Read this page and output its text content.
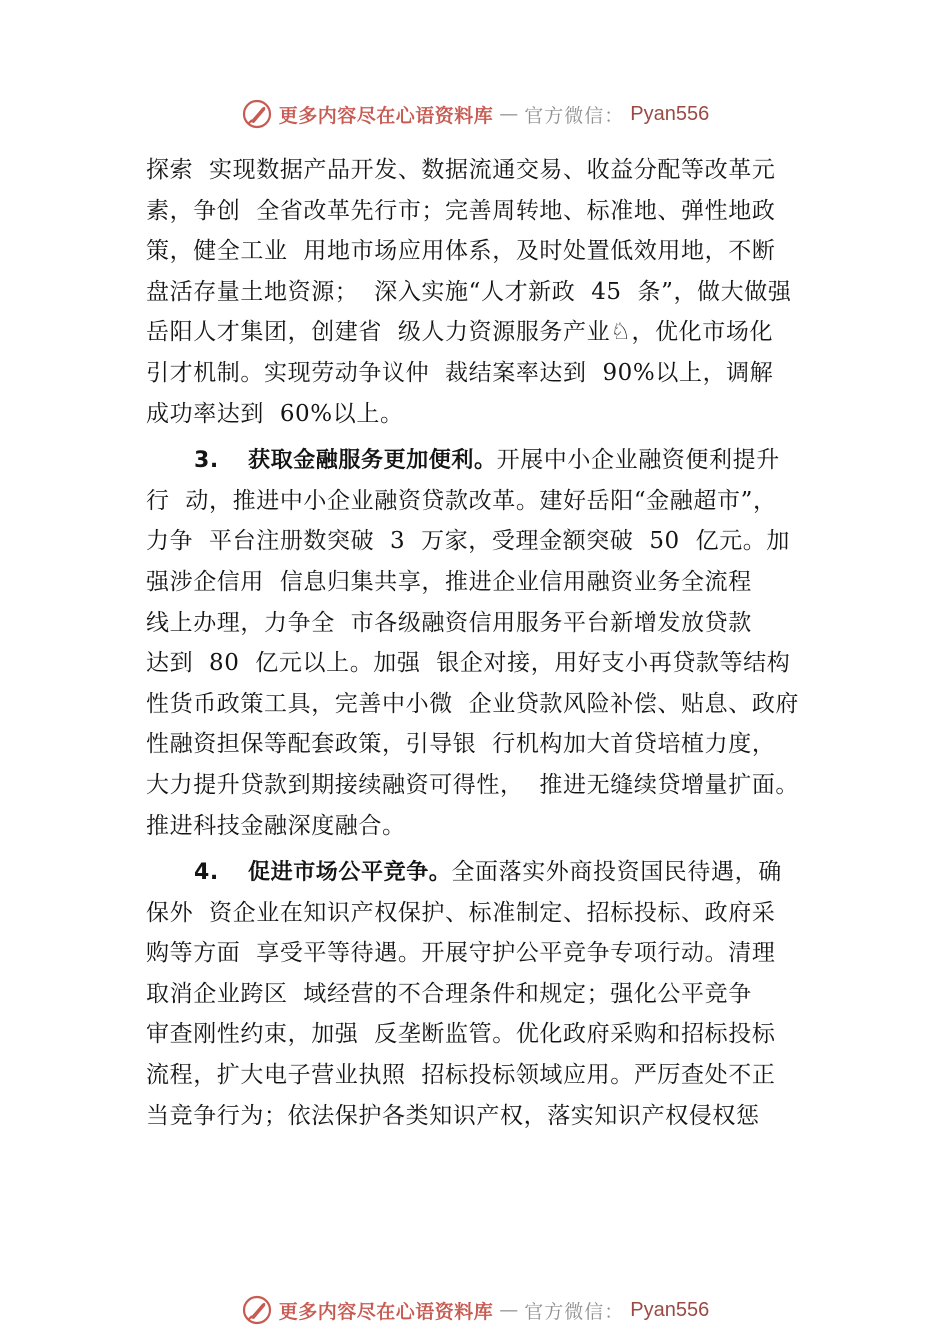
更多内容尽在心语资料库 — 官方微信： Pyan556
探索  实现数据产品开发、数据流通交易、收益分配等改革元
素，争创  全省改革先行市；完善周转地、标准地、弹性地政
策，健全工业  用地市场应用体系，及时处置低效用地，不断
盘活存量土地资源；  深入实施“人才新政  45  条”，做大做强
岳阳人才集团，创建省  级人力资源服务产业♘，优化市场化
引才机制。实现劳动争议仲  裁结案率达到  90%以上，调解
成功率达到  60%以上。
3. 获取金融服务更加便利。开展中小企业融资便利提升
行  动，推进中小企业融资贷款改革。建好岳阳“金融超市”，
力争  平台注册数突破  3  万家，受理金额突破  50  亿元。加
强涉企信用  信息归集共享，推进企业信用融资业务全流程
线上办理，力争全  市各级融资信用服务平台新增发放贷款
达到  80  亿元以上。加强  银企对接，用好支小再贷款等结构
性货币政策工具，完善中小微  企业贷款风险补偿、贴息、政府
性融资担保等配套政策，引导银  行机构加大首贷培植力度，
大力提升贷款到期接续融资可得性，  推进无缝续贷增量扩面。
推进科技金融深度融合。
4. 促进市场公平竞争。全面落实外商投资国民待遇，确
保外  资企业在知识产权保护、标准制定、招标投标、政府采
购等方面  享受平等待遇。开展守护公平竞争专项行动。清理
取消企业跨区  域经营的不合理条件和规定；强化公平竞争
审查刚性约束，加强  反垄断监管。优化政府采购和招标投标
流程，扩大电子营业执照  招标投标领域应用。严厉查处不正
当竞争行为；依法保护各类知识产权，落实知识产权侵权惩
更多内容尽在心语资料库 — 官方微信： Pyan556
